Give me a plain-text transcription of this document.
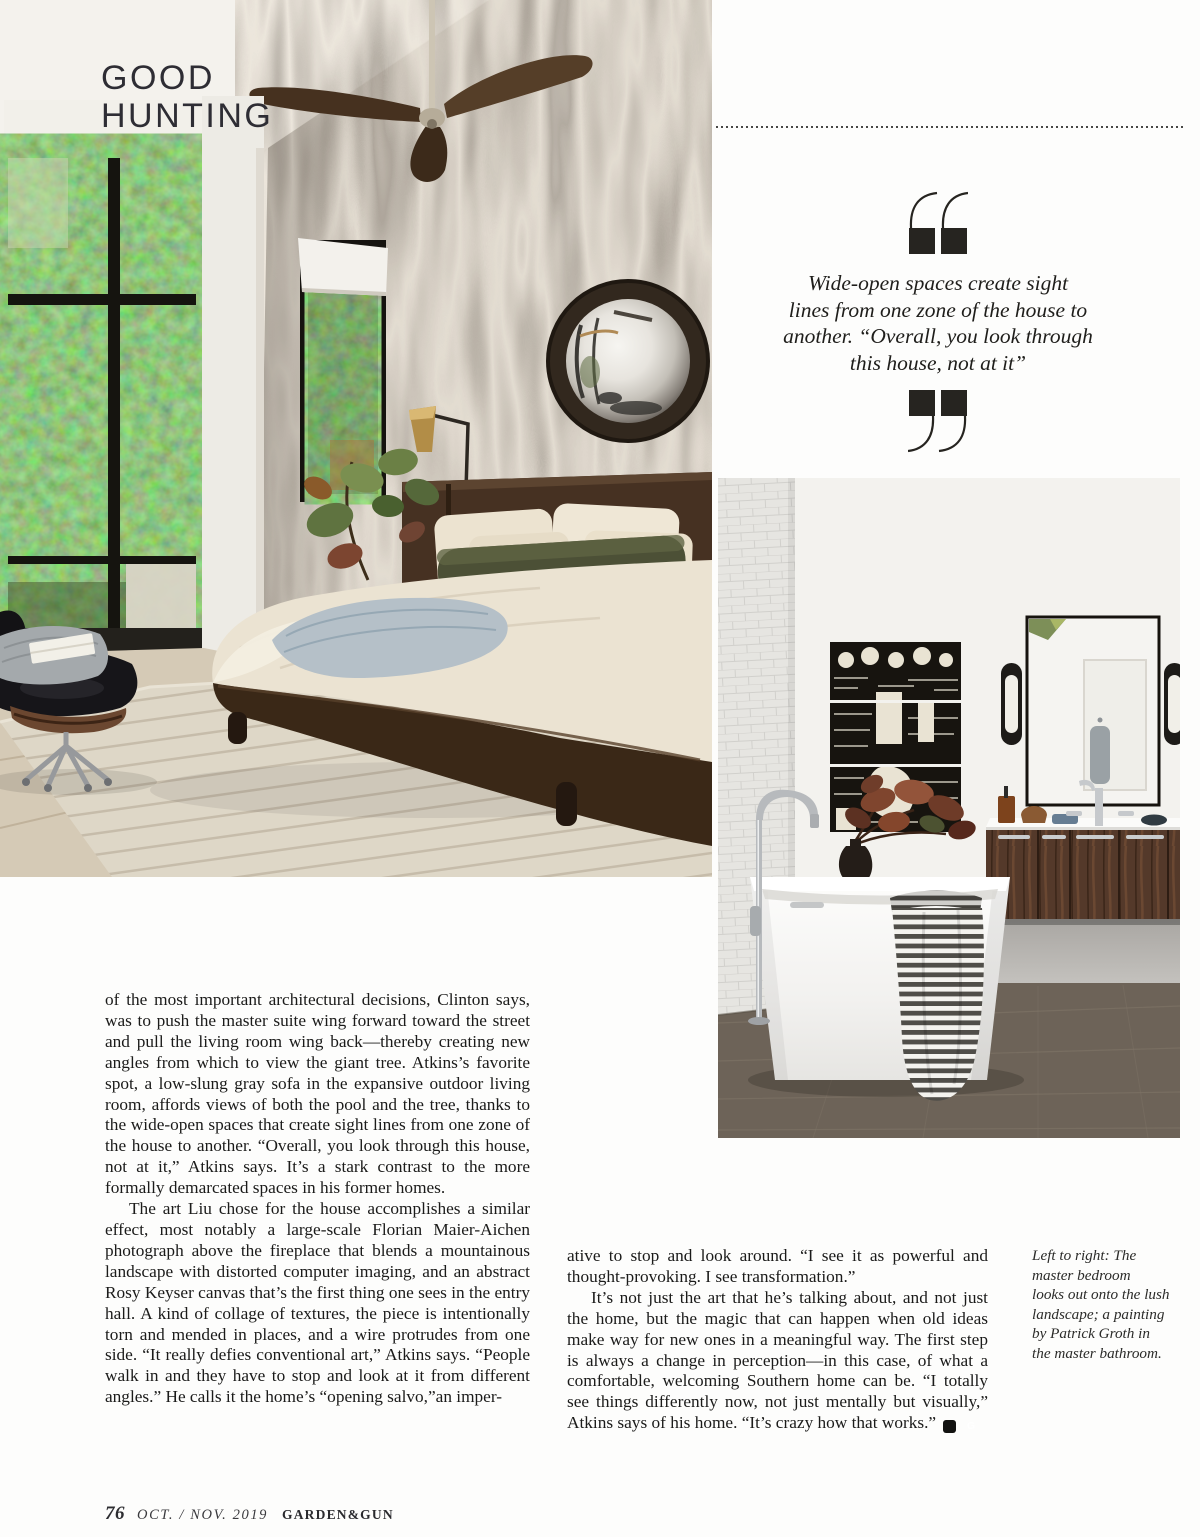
GOOD
HUNTING
Wide-open spaces create sight
lines from one zone of the house to
another. “Overall, you look through
this house, not at it”

of the most important architectural decisions, Clinton says, was to push the master suite wing forward toward the street and pull the living room wing back—thereby creating new angles from which to view the giant tree. Atkins’s favorite spot, a low-slung gray sofa in the expansive outdoor living room, affords views of both the pool and the tree, thanks to the wide-open spaces that create sight lines from one zone of the house to another. “Overall, you look through this house, not at it,” Atkins says. It’s a stark contrast to the more formally demarcated spaces in his former homes.

The art Liu chose for the house accomplishes a similar effect, most notably a large-scale Florian Maier-Aichen photograph above the fireplace that blends a mountainous landscape with distorted computer imaging, and an abstract Rosy Keyser canvas that’s the first thing one sees in the entry hall. A kind of collage of textures, the piece is intentionally torn and mended in places, and a wire protrudes from one side. “It really defies conventional art,” Atkins says. “People walk in and they have to stop and look at it from different angles.” He calls it the home’s “opening salvo,”an imper-

ative to stop and look around. “I see it as powerful and thought-provoking. I see transformation.”

It’s not just the art that he’s talking about, and not just the home, but the magic that can happen when old ideas make way for new ones in a meaningful way. The first step is always a change in perception—in this case, of what a comfortable, welcoming Southern home can be. “I totally see things differently now, not just mentally but visually,” Atkins says of his home. “It’s crazy how that works.”	G

Left to right: The
master bedroom
looks out onto the lush
landscape; a painting
by Patrick Groth in
the master bathroom.
76 OCT. / NOV. 2019 GARDEN&GUN
